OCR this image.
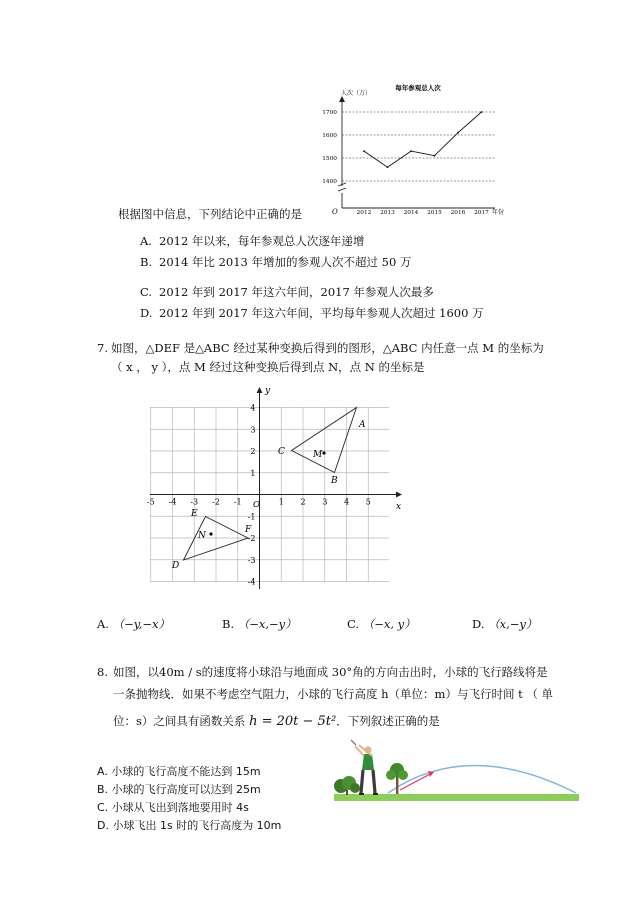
每年参观总人次
人次（万）
年份
O
1400
1500
1600
1700
2012 2013 2014 2015 2016 2017
根据图中信息，下列结论中正确的是
A. 2012 年以来，每年参观总人次逐年递增
B. 2014 年比 2013 年增加的参观人次不超过 50 万
C. 2012 年到 2017 年这六年间，2017 年参观人次最多
D. 2012 年到 2017 年这六年间，平均每年参观人次超过 1600 万
7. 如图，△DEF 是△ABC 经过某种变换后得到的图形，△ABC 内任意一点 M 的坐标为
（ x ， y ），点 M 经过这种变换后得到点 N，点 N 的坐标是
x
y
O
-5 -4 -3 -2 -1	1 2 3 4 5
4
3
2
1
-1
-2
-3
-4
A
B
C	M
D
E
F
N
A. （−y,−x）	B. （−x,−y）	C. （−x, y）	D. （x,−y）
8. 如图，以40m / s的速度将小球沿与地面成 30°角的方向击出时，小球的飞行路线将是
一条抛物线．如果不考虑空气阻力，小球的飞行高度 h（单位：m）与飞行时间 t （ 单
位：s）之间具有函数关系 h = 20t − 5t²．下列叙述正确的是
A. 小球的飞行高度不能达到 15m
B. 小球的飞行高度可以达到 25m
C. 小球从飞出到落地要用时 4s
D. 小球飞出 1s 时的飞行高度为 10m
